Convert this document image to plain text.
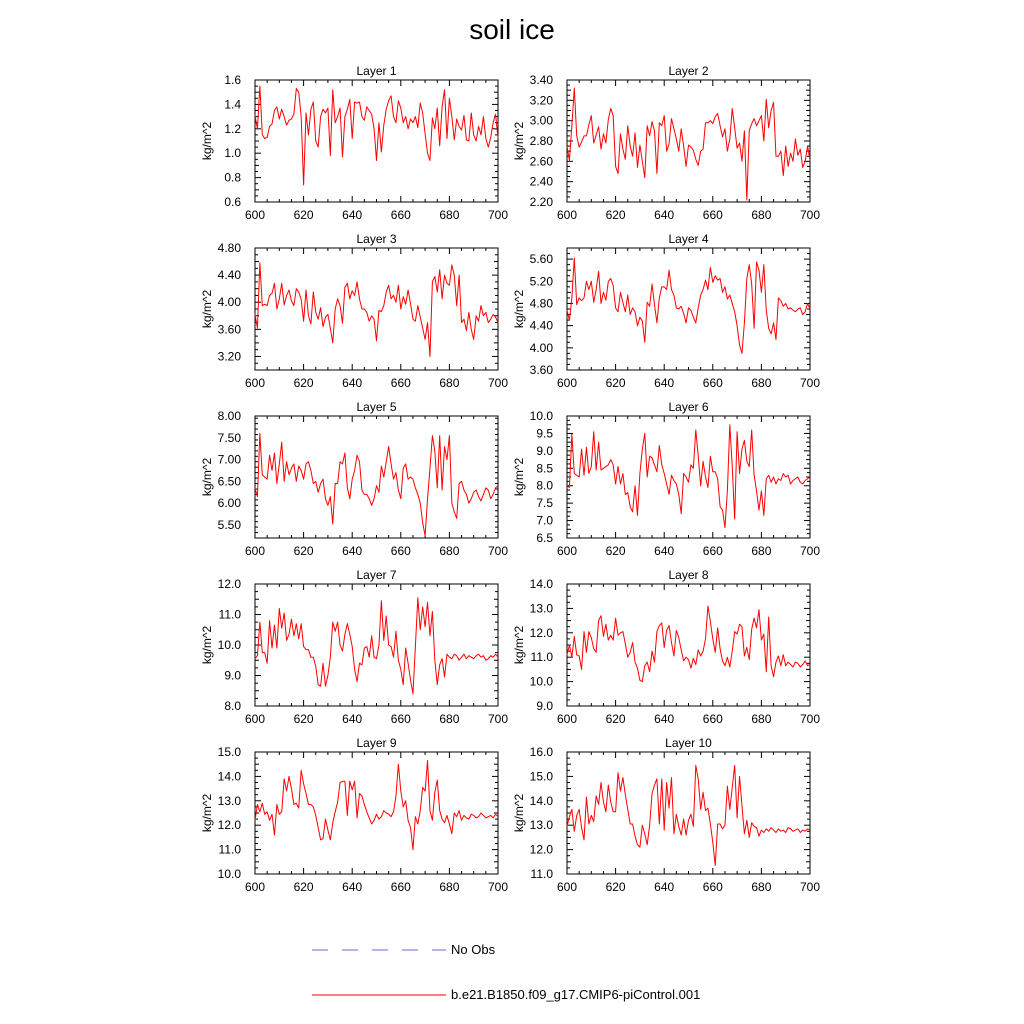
soil ice
Layer 1
600 620 640 660 680 700
0.6
0.8
1.0
1.2
1.4
1.6
kg/m^2
Layer 2
600 620 640 660 680 700
2.20
2.40
2.60
2.80
3.00
3.20
3.40
kg/m^2
Layer 3
600 620 640 660 680 700
3.20
3.60
4.00
4.40
4.80
kg/m^2
Layer 4
600 620 640 660 680 700
3.60
4.00
4.40
4.80
5.20
5.60
kg/m^2
Layer 5
600 620 640 660 680 700
5.50
6.00
6.50
7.00
7.50
8.00
kg/m^2
Layer 6
600 620 640 660 680 700
6.5
7.0
7.5
8.0
8.5
9.0
9.5
10.0
kg/m^2
Layer 7
600 620 640 660 680 700
8.0
9.0
10.0
11.0
12.0
kg/m^2
Layer 8
600 620 640 660 680 700
9.0
10.0
11.0
12.0
13.0
14.0
kg/m^2
Layer 9
600 620 640 660 680 700
10.0
11.0
12.0
13.0
14.0
15.0
kg/m^2
Layer 10
600 620 640 660 680 700
11.0
12.0
13.0
14.0
15.0
16.0
kg/m^2
No Obs
b.e21.B1850.f09_g17.CMIP6-piControl.001
